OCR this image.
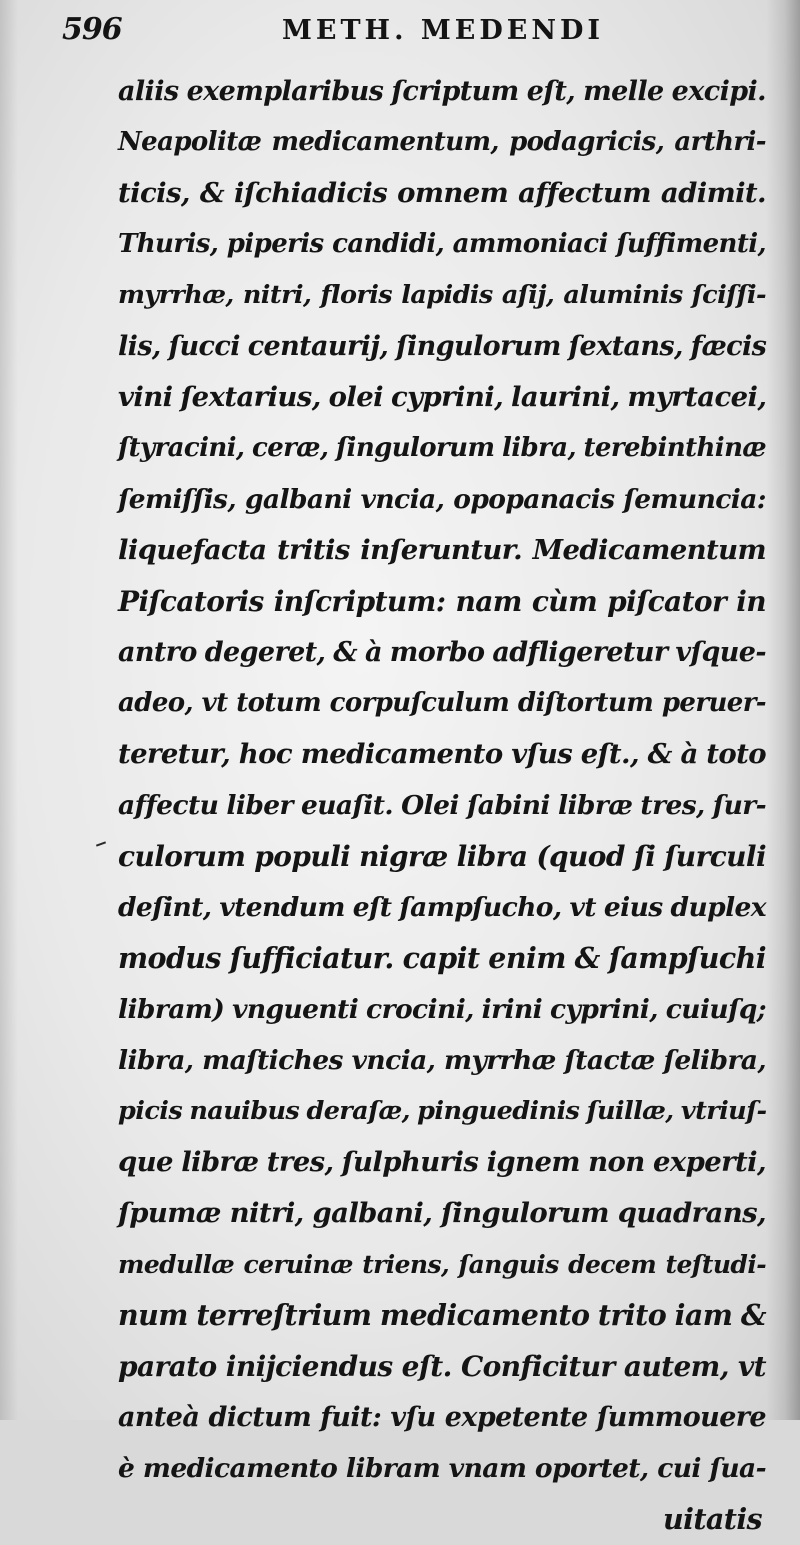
596	METH. MEDENDI
aliis exemplaribus ſcriptum eſt, melle excipi.
Neapolitæ medicamentum, podagricis, arthri-
ticis, & iſchiadicis omnem affectum adimit.
Thuris, piperis candidi, ammoniaci ſuffimenti,
myrrhæ, nitri, floris lapidis aſij, aluminis ſciſſi-
lis, ſucci centaurij, ſingulorum ſextans, fæcis
vini ſextarius, olei cyprini, laurini, myrtacei,
ſtyracini, ceræ, ſingulorum libra, terebinthinæ
ſemiſſis, galbani vncia, opopanacis ſemuncia:
liquefacta tritis inſeruntur. Medicamentum
Piſcatoris inſcriptum: nam cùm piſcator in
antro degeret, & à morbo adfligeretur vſque-
adeo, vt totum corpuſculum diſtortum peruer-
teretur, hoc medicamento vſus eſt., & à toto
affectu liber euaſit. Olei ſabini libræ tres, ſur-
culorum populi nigræ libra (quod ſi ſurculi
deſint, vtendum eſt ſampſucho, vt eius duplex
modus ſufficiatur. capit enim & ſampſuchi
libram) vnguenti crocini, irini cyprini, cuiuſq;
libra, maſtiches vncia, myrrhæ ſtactæ ſelibra,
picis nauibus deraſæ, pinguedinis ſuillæ, vtriuſ-
que libræ tres, ſulphuris ignem non experti,
ſpumæ nitri, galbani, ſingulorum quadrans,
medullæ ceruinæ triens, ſanguis decem teſtudi-
num terreſtrium medicamento trito iam &
parato inijciendus eſt. Conficitur autem, vt
anteà dictum fuit: vſu expetente ſummouere
è medicamento libram vnam oportet, cui ſua-
uitatis
